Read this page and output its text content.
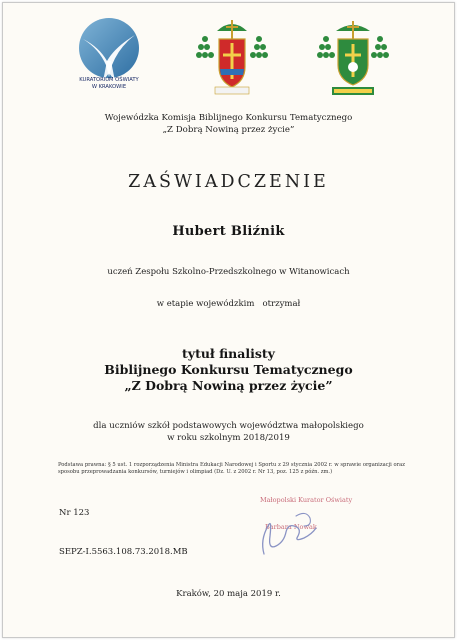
KURATORIUM OŚWIATY
W KRAKOWIE
Wojewódzka Komisja Biblijnego Konkursu Tematycznego
„Z Dobrą Nowiną przez życie”
ZAŚWIADCZENIE
Hubert Bliźnik
uczeń Zespołu Szkolno-Przedszkolnego w Witanowicach
w etapie wojewódzkim   otrzymał
tytuł finalisty
Biblijnego Konkursu Tematycznego
„Z Dobrą Nowiną przez życie”
dla uczniów szkół podstawowych województwa małopolskiego
w roku szkolnym 2018/2019
Podstawa prawna: § 5 ust. 1 rozporządzenia Ministra Edukacji Narodowej i Sportu z 29 stycznia 2002 r. w sprawie organizacji oraz sposobu przeprowadzania konkursów, turniejów i olimpiad (Dz. U. z 2002 r. Nr 13, poz. 125 z późn. zm.)
Nr 123
SEPZ-I.5563.108.73.2018.MB
Małopolski Kurator Oświaty
Barbara Nowak
Kraków, 20 maja 2019 r.
